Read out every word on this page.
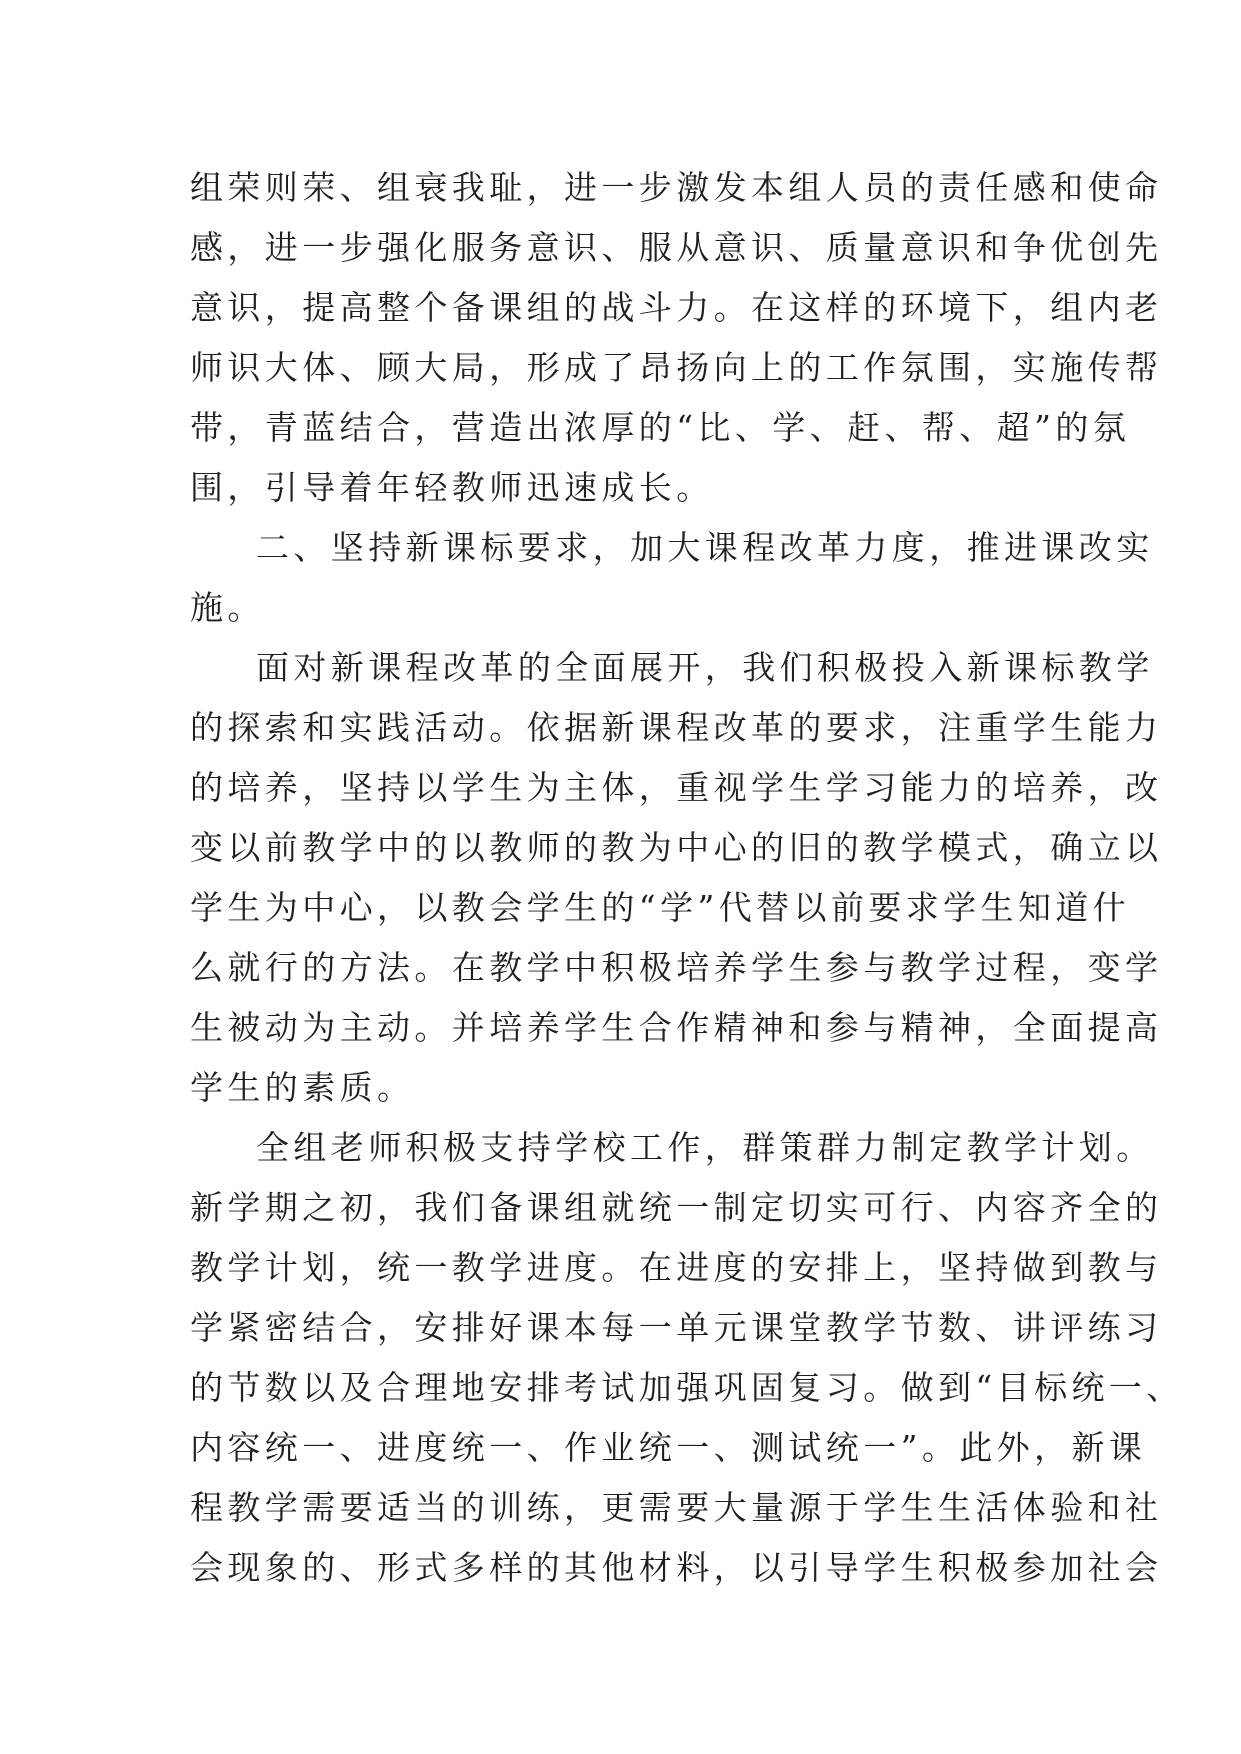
组荣则荣、组衰我耻，进一步激发本组人员的责任感和使命
感，进一步强化服务意识、服从意识、质量意识和争优创先
意识，提高整个备课组的战斗力。在这样的环境下，组内老
师识大体、顾大局，形成了昂扬向上的工作氛围，实施传帮
带，青蓝结合，营造出浓厚的“比、学、赶、帮、超”的氛
围，引导着年轻教师迅速成长。
二、坚持新课标要求，加大课程改革力度，推进课改实
施。
面对新课程改革的全面展开，我们积极投入新课标教学
的探索和实践活动。依据新课程改革的要求，注重学生能力
的培养，坚持以学生为主体，重视学生学习能力的培养，改
变以前教学中的以教师的教为中心的旧的教学模式，确立以
学生为中心，以教会学生的“学”代替以前要求学生知道什
么就行的方法。在教学中积极培养学生参与教学过程，变学
生被动为主动。并培养学生合作精神和参与精神，全面提高
学生的素质。
全组老师积极支持学校工作，群策群力制定教学计划。
新学期之初，我们备课组就统一制定切实可行、内容齐全的
教学计划，统一教学进度。在进度的安排上，坚持做到教与
学紧密结合，安排好课本每一单元课堂教学节数、讲评练习
的节数以及合理地安排考试加强巩固复习。做到“目标统一、
内容统一、进度统一、作业统一、测试统一”。此外，新课
程教学需要适当的训练，更需要大量源于学生生活体验和社
会现象的、形式多样的其他材料，以引导学生积极参加社会
